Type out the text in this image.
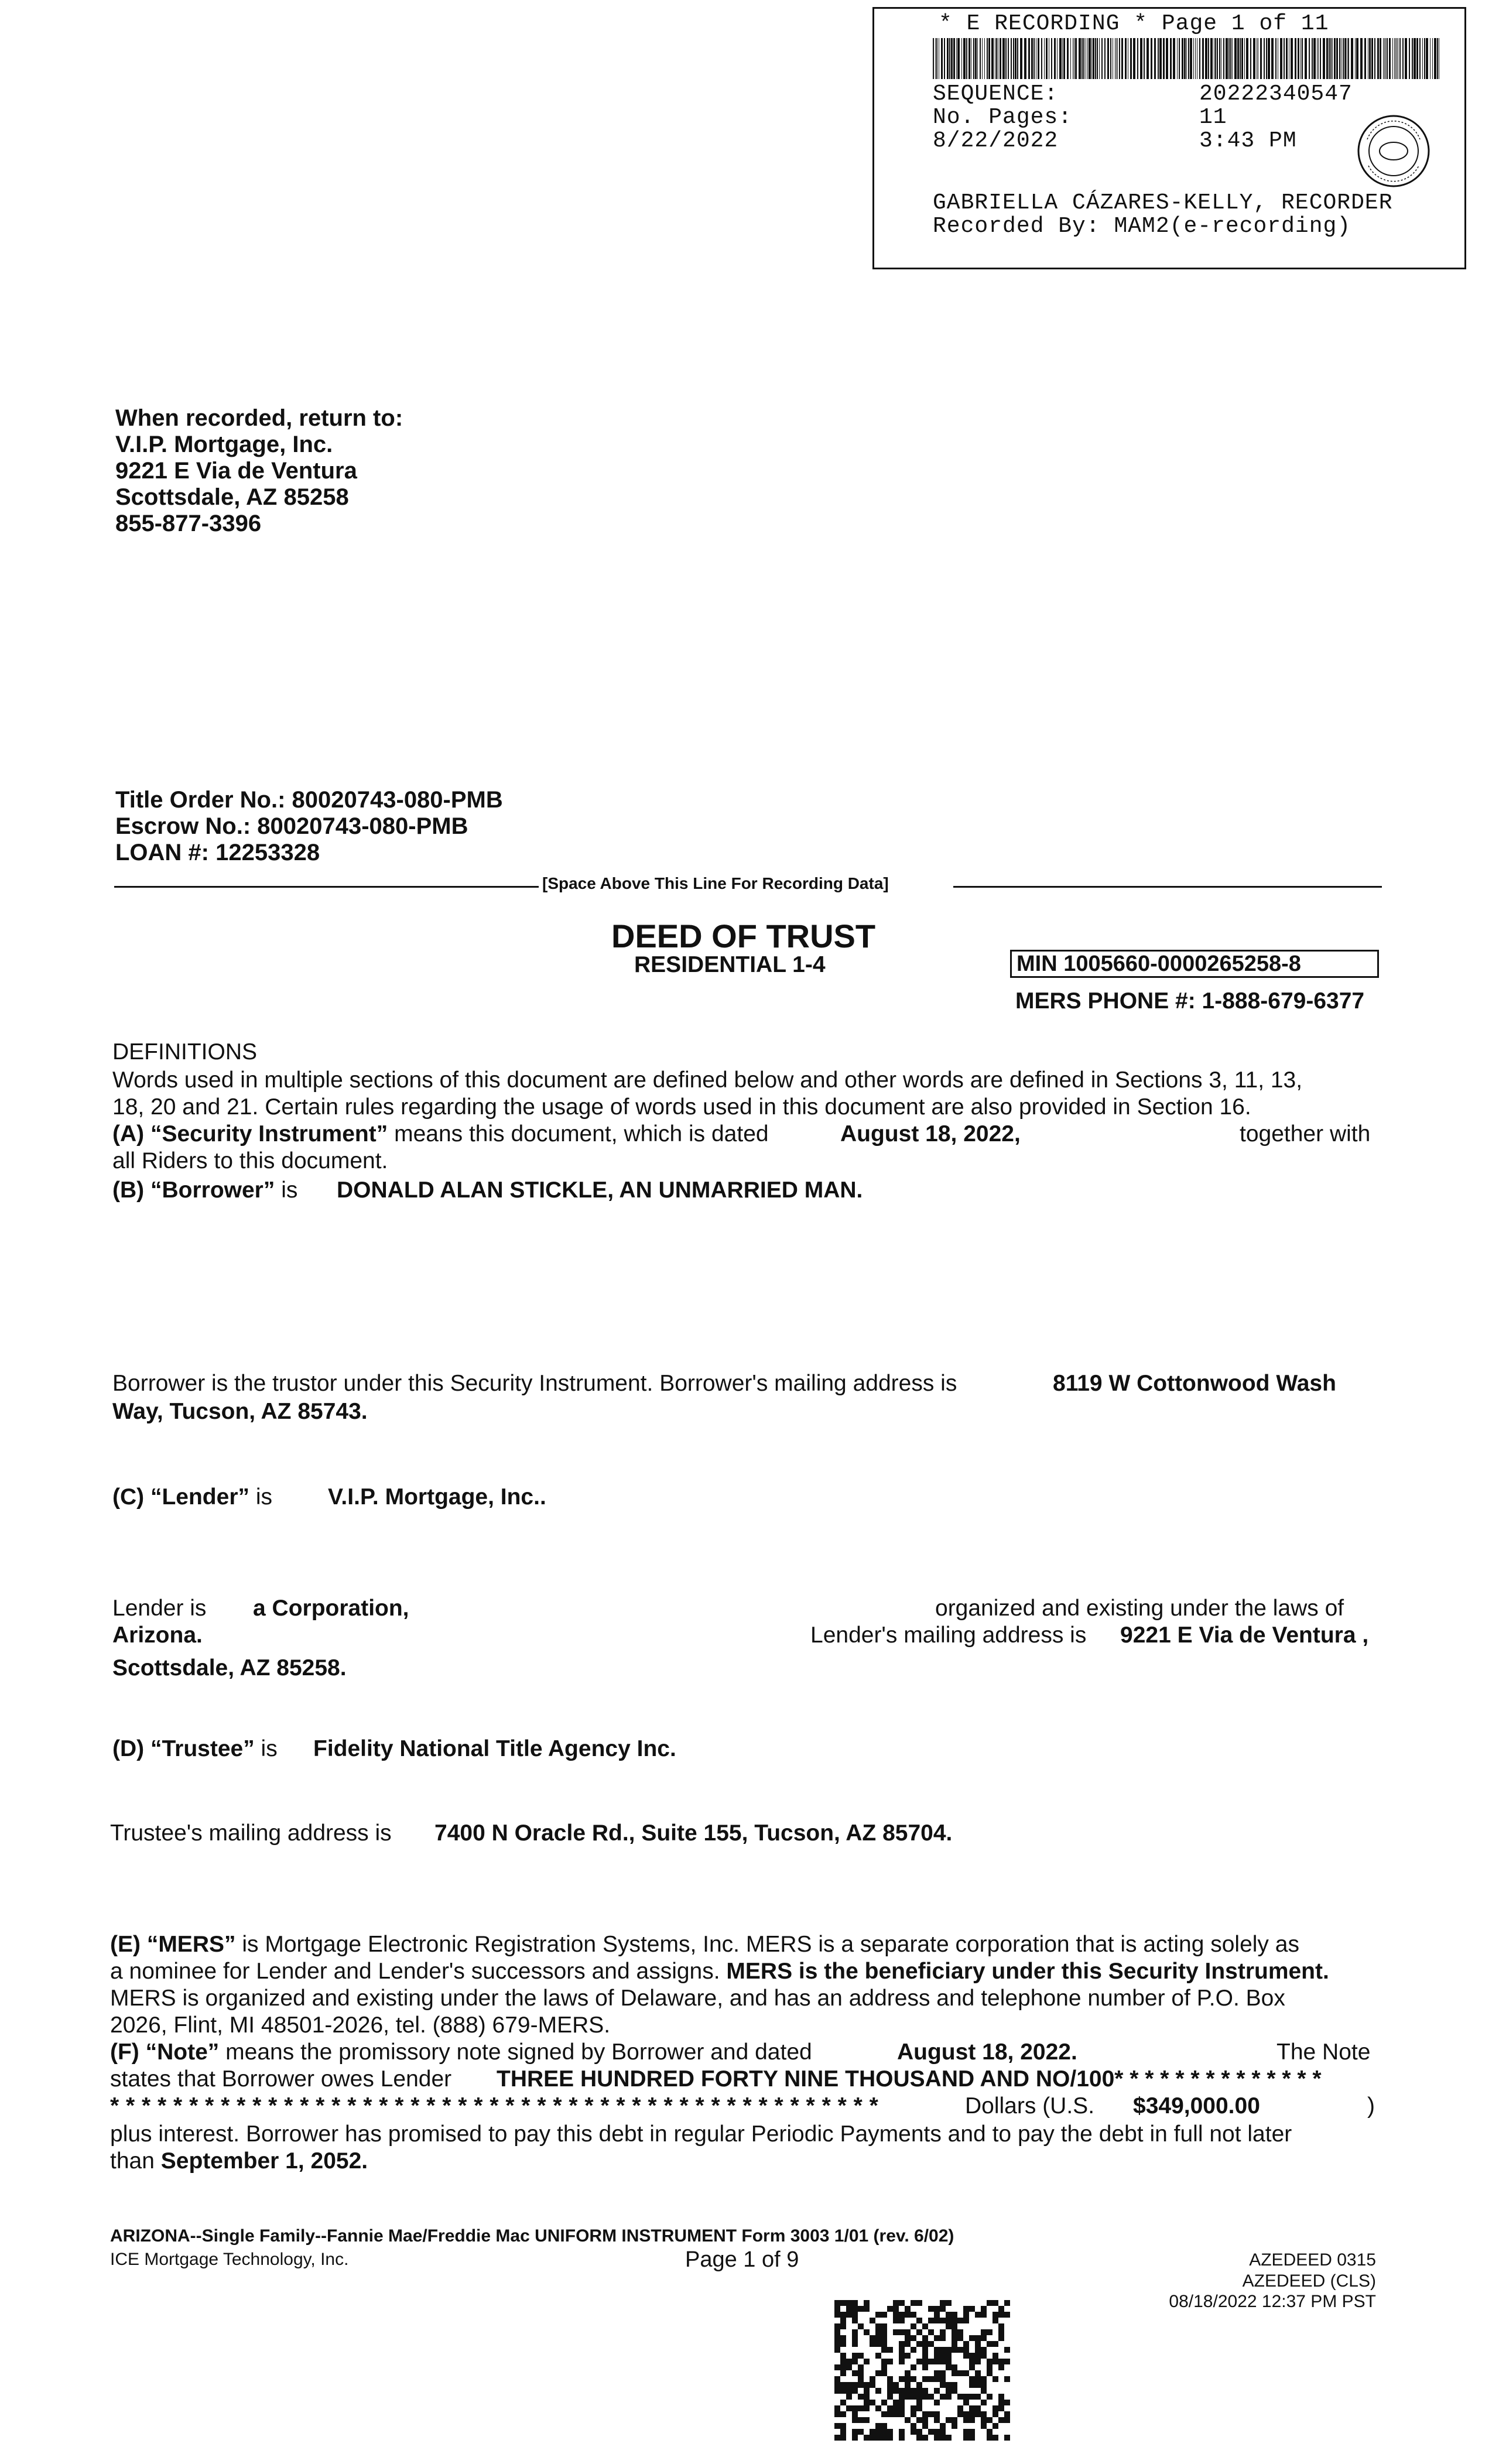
* E RECORDING * Page 1 of 11
SEQUENCE:	20222340547
No. Pages:	11
8/22/2022	3:43 PM
GABRIELLA CÁZARES-KELLY, RECORDER
Recorded By: MAM2(e-recording)
When recorded, return to:
V.I.P. Mortgage, Inc.
9221 E Via de Ventura
Scottsdale, AZ 85258
855-877-3396
Title Order No.: 80020743-080-PMB
Escrow No.: 80020743-080-PMB
LOAN #: 12253328
[Space Above This Line For Recording Data]
DEED OF TRUST
RESIDENTIAL 1-4	MIN 1005660-0000265258-8
MERS PHONE #: 1-888-679-6377
DEFINITIONS
Words used in multiple sections of this document are defined below and other words are defined in Sections 3, 11, 13,
18, 20 and 21. Certain rules regarding the usage of words used in this document are also provided in Section 16.
(A) “Security Instrument” means this document, which is dated	August 18, 2022,	together with
all Riders to this document.
(B) “Borrower” is DONALD ALAN STICKLE, AN UNMARRIED MAN.
Borrower is the trustor under this Security Instrument. Borrower's mailing address is	8119 W Cottonwood Wash
Way, Tucson, AZ 85743.
(C) “Lender” is V.I.P. Mortgage, Inc..
Lender is a Corporation,	organized and existing under the laws of
Arizona.	Lender's mailing address is 9221 E Via de Ventura ,
Scottsdale, AZ 85258.
(D) “Trustee” is Fidelity National Title Agency Inc.
Trustee's mailing address is 7400 N Oracle Rd., Suite 155, Tucson, AZ 85704.
(E) “MERS” is Mortgage Electronic Registration Systems, Inc. MERS is a separate corporation that is acting solely as
a nominee for Lender and Lender's successors and assigns. MERS is the beneficiary under this Security Instrument.
MERS is organized and existing under the laws of Delaware, and has an address and telephone number of P.O. Box
2026, Flint, MI 48501-2026, tel. (888) 679-MERS.
(F) “Note” means the promissory note signed by Borrower and dated	August 18, 2022.	The Note
states that Borrower owes Lender THREE HUNDRED FORTY NINE THOUSAND AND NO/100* * * * * * * * * * * * * *
* * * * * * * * * * * * * * * * * * * * * * * * * * * * * * * * * * * * * * * * * * * * * * * * *	Dollars (U.S. $349,000.00	)
plus interest. Borrower has promised to pay this debt in regular Periodic Payments and to pay the debt in full not later
than September 1, 2052.
ARIZONA--Single Family--Fannie Mae/Freddie Mac UNIFORM INSTRUMENT Form 3003 1/01 (rev. 6/02)
ICE Mortgage Technology, Inc.	Page 1 of 9	AZEDEED 0315
AZEDEED (CLS)
08/18/2022 12:37 PM PST
